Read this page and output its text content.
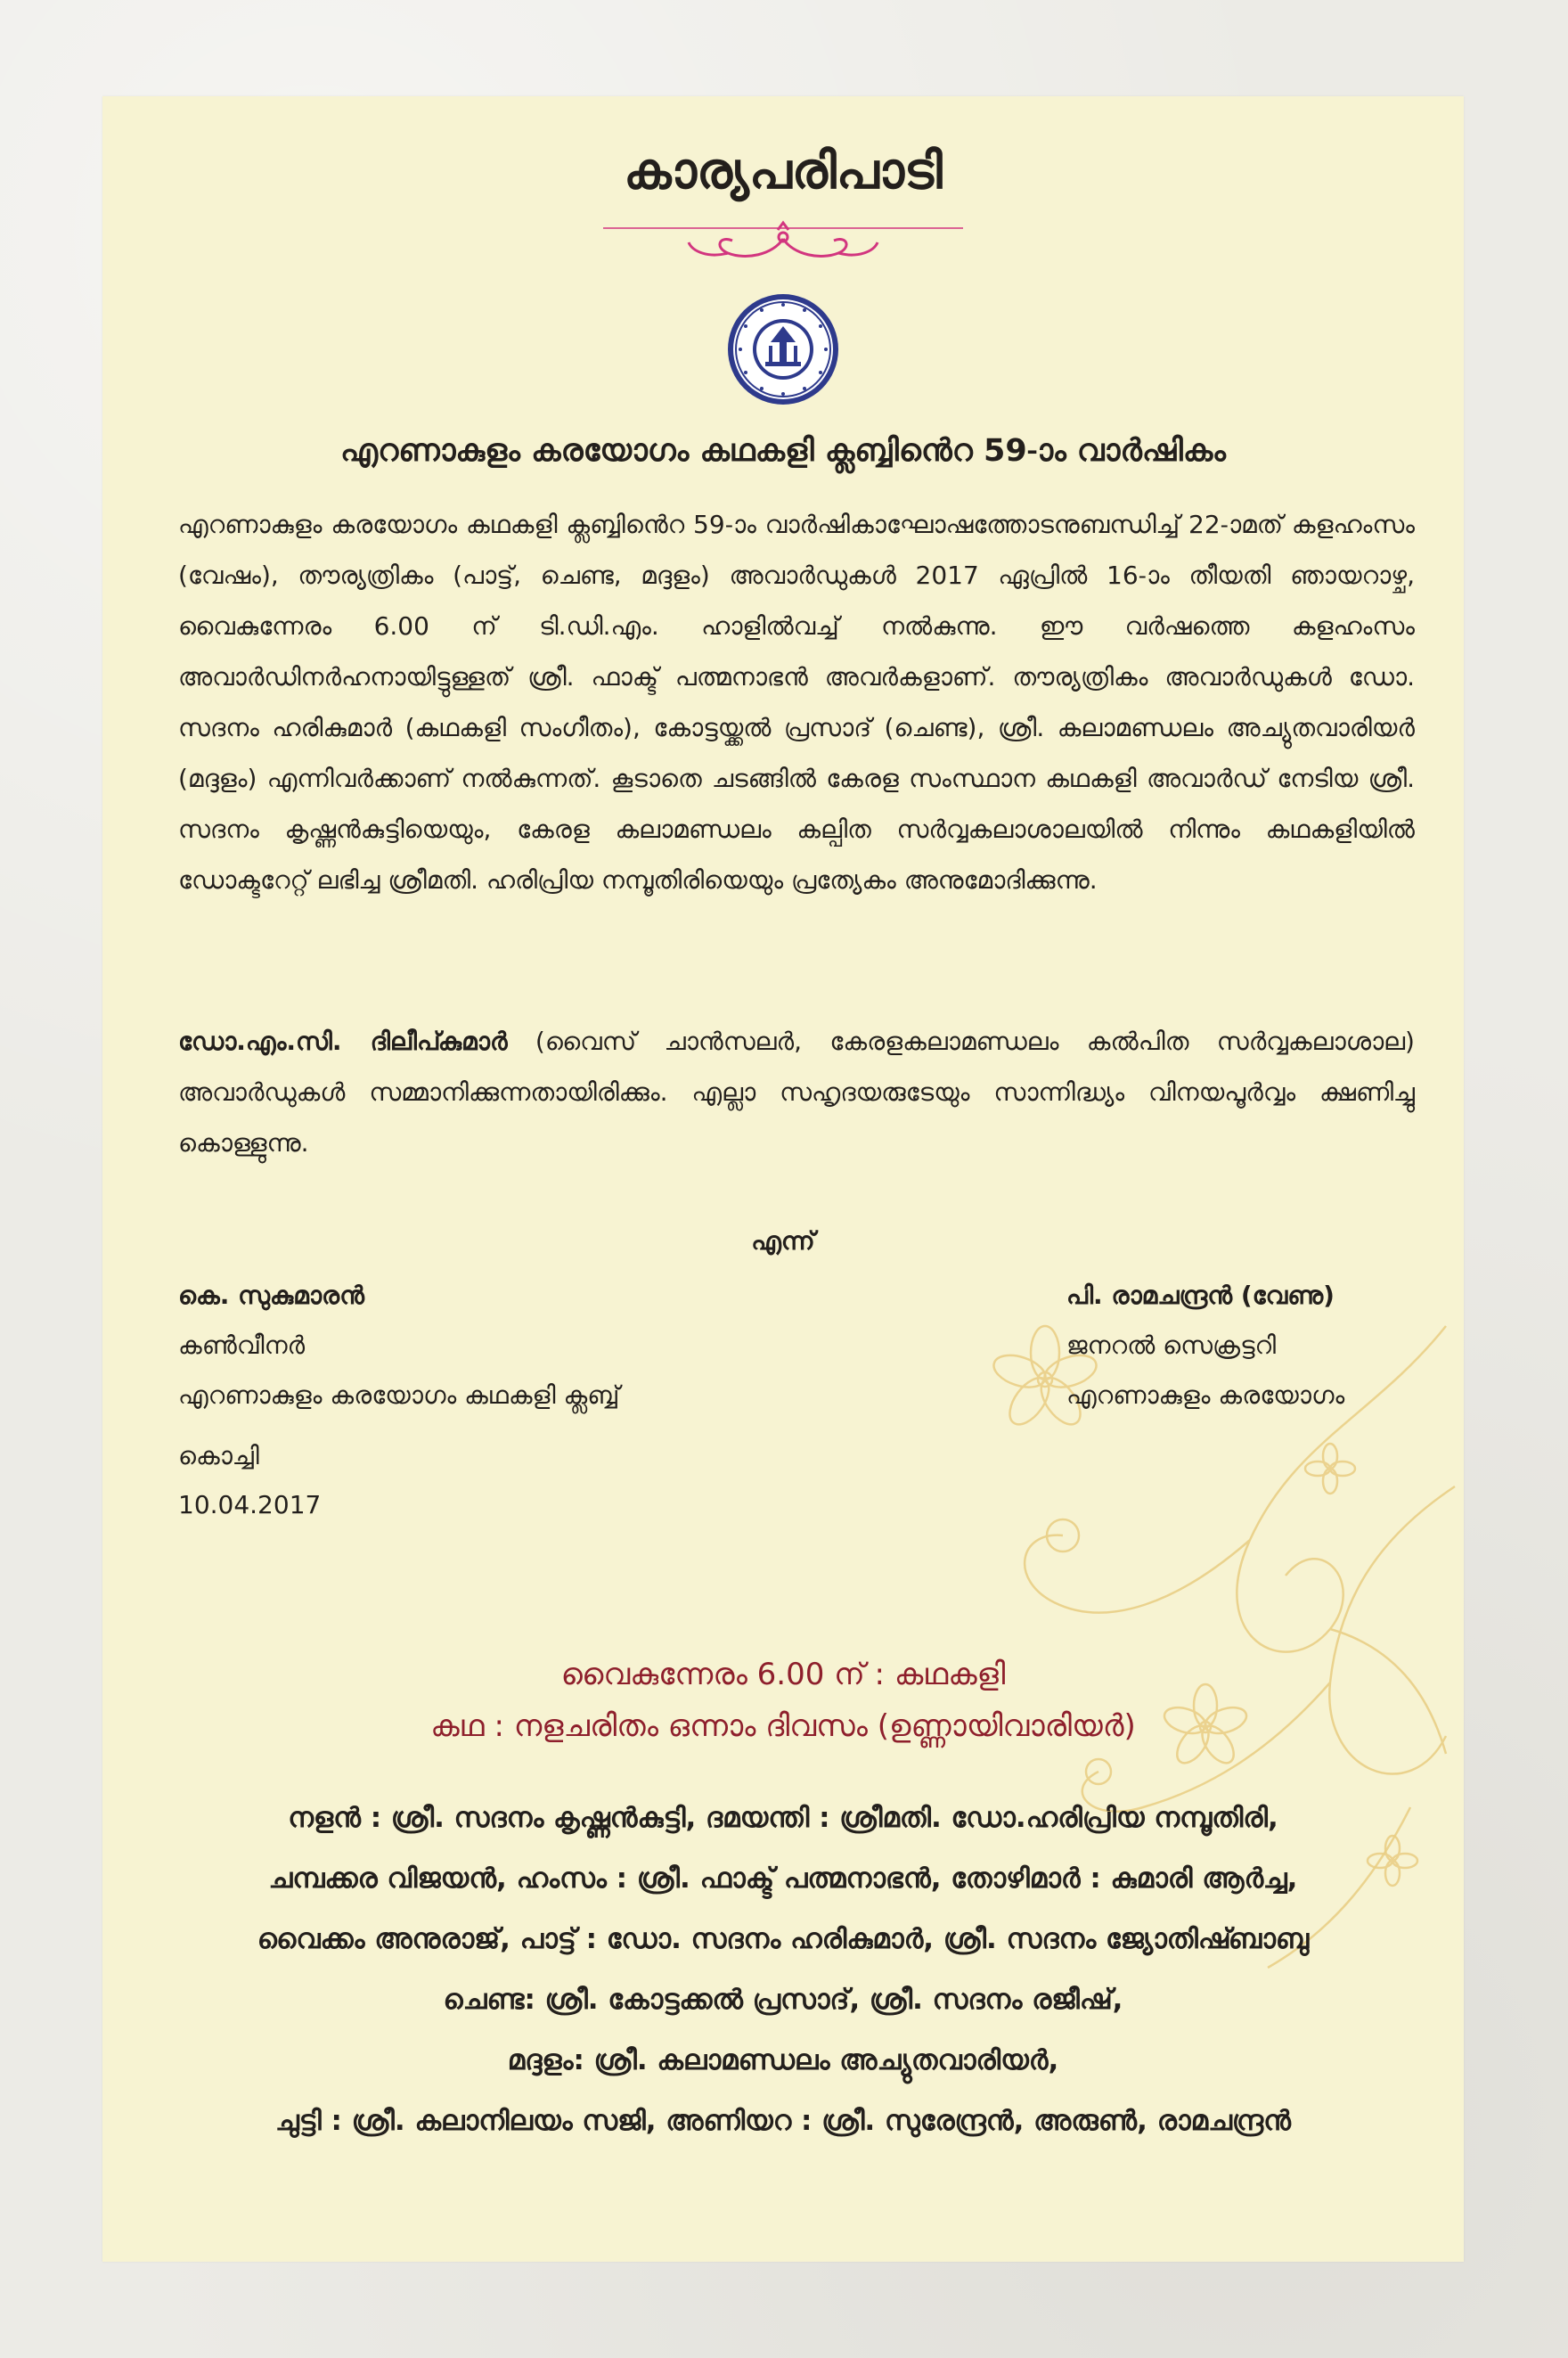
കാര്യപരിപാടി
എറണാകുളം കരയോഗം കഥകളി ക്ലബ്ബിൻെറ 59-ാം വാർഷികം
എറണാകുളം കരയോഗം കഥകളി ക്ലബ്ബിൻെറ 59-ാം വാർഷികാഘോഷത്തോടനുബന്ധിച്ച് 22-ാമത് കളഹംസം (വേഷം), തൗര്യത്രികം (പാട്ട്, ചെണ്ട, മദ്ദളം) അവാർഡുകൾ 2017 ഏപ്രിൽ 16-ാം തീയതി ഞായറാഴ്ച, വൈകുന്നേരം 6.00 ന് ടി.ഡി.എം. ഹാളിൽവച്ച് നൽകുന്നു. ഈ വർഷത്തെ കളഹംസം അവാർഡിനർഹനായിട്ടുള്ളത് ശ്രീ. ഫാക്ട് പത്മനാഭൻ അവർകളാണ്. തൗര്യത്രികം അവാർഡുകൾ ഡോ. സദനം ഹരികുമാർ (കഥകളി സംഗീതം), കോട്ടയ്ക്കൽ പ്രസാദ് (ചെണ്ട), ശ്രീ. കലാമണ്ഡലം അച്യുതവാരിയർ (മദ്ദളം) എന്നിവർക്കാണ് നൽകുന്നത്. കൂടാതെ ചടങ്ങിൽ കേരള സംസ്ഥാന കഥകളി അവാർഡ് നേടിയ ശ്രീ. സദനം കൃഷ്ണൻകുട്ടിയെയും, കേരള കലാമണ്ഡലം കല്പിത സർവ്വകലാശാലയിൽ നിന്നും കഥകളിയിൽ ഡോക്ടറേറ്റ് ലഭിച്ച ശ്രീമതി. ഹരിപ്രിയ നമ്പൂതിരിയെയും പ്രത്യേകം അനുമോദിക്കുന്നു.
ഡോ.എം.സി. ദിലീപ്കുമാർ (വൈസ് ചാൻസലർ, കേരളകലാമണ്ഡലം കൽപിത സർവ്വകലാശാല) അവാർഡുകൾ സമ്മാനിക്കുന്നതായിരിക്കും. എല്ലാ സഹൃദയരുടേയും സാന്നിദ്ധ്യം വിനയപൂർവ്വം ക്ഷണിച്ചു കൊള്ളുന്നു.
എന്ന്
കെ. സുകുമാരൻ
കൺവീനർ
എറണാകുളം കരയോഗം കഥകളി ക്ലബ്ബ്
പി. രാമചന്ദ്രൻ (വേണു)
ജനറൽ സെക്രട്ടറി
എറണാകുളം കരയോഗം
കൊച്ചി
10.04.2017
വൈകുന്നേരം 6.00 ന് : കഥകളി
കഥ : നളചരിതം ഒന്നാം ദിവസം (ഉണ്ണായിവാരിയർ)
നളൻ : ശ്രീ. സദനം കൃഷ്ണൻകുട്ടി, ദമയന്തി : ശ്രീമതി. ഡോ.ഹരിപ്രിയ നമ്പൂതിരി,
ചമ്പക്കര വിജയൻ, ഹംസം : ശ്രീ. ഫാക്ട് പത്മനാഭൻ, തോഴിമാർ : കുമാരി ആർച്ച,
വൈക്കം അനുരാജ്, പാട്ട് : ഡോ. സദനം ഹരികുമാർ, ശ്രീ. സദനം ജ്യോതിഷ്ബാബു
ചെണ്ട: ശ്രീ. കോട്ടക്കൽ പ്രസാദ്, ശ്രീ. സദനം രജീഷ്,
മദ്ദളം: ശ്രീ. കലാമണ്ഡലം അച്യുതവാരിയർ,
ചുട്ടി : ശ്രീ. കലാനിലയം സജി, അണിയറ : ശ്രീ. സുരേന്ദ്രൻ, അരുൺ, രാമചന്ദ്രൻ
